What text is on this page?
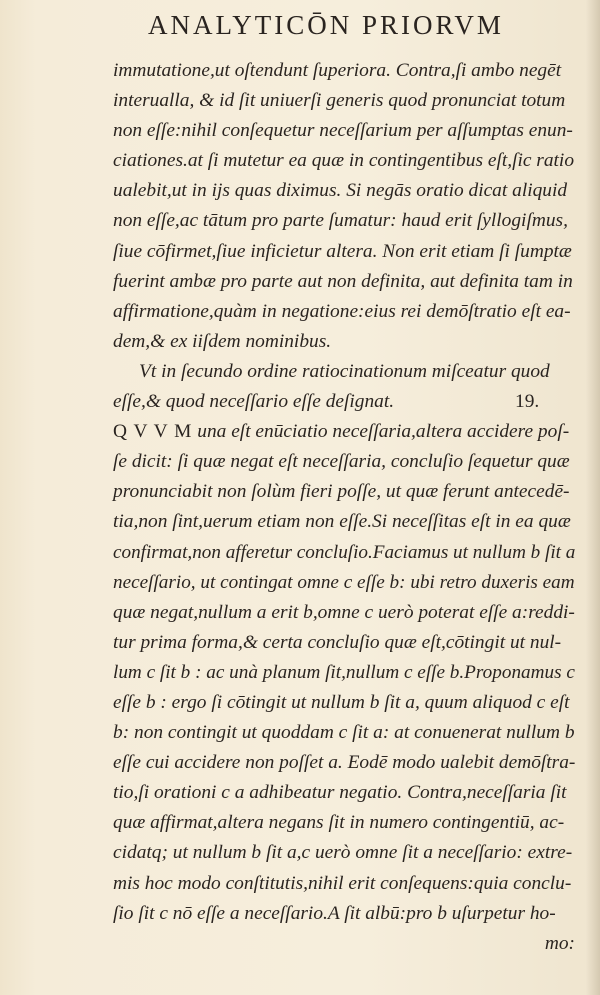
ANALYTICŌN PRIORVM
immutatione,ut oſtendunt ſuperiora. Contra,ſi ambo negēt
interualla, & id ſit uniuerſi generis quod pronunciat totum
non eſſe:nihil conſequetur neceſſarium per aſſumptas enun-
ciationes.at ſi mutetur ea quæ in contingentibus eſt,ſic ratio
ualebit,ut in ijs quas diximus. Si negās oratio dicat aliquid
non eſſe,ac tātum pro parte ſumatur: haud erit ſyllogiſmus,
ſiue cōfirmet,ſiue inficietur altera. Non erit etiam ſi ſumptæ
fuerint ambæ pro parte aut non definita, aut definita tam in
affirmatione,quàm in negatione:eius rei demōſtratio eſt ea-
dem,& ex iiſdem nominibus.
Vt in ſecundo ordine ratiocinationum miſceatur quod
eſſe,& quod neceſſario eſſe deſignat.	19.
Q V V M una eſt enūciatio neceſſaria,altera accidere poſ-
ſe dicit: ſi quæ negat eſt neceſſaria, concluſio ſequetur quæ
pronunciabit non ſolùm fieri poſſe, ut quæ ferunt antecedē-
tia,non ſint,uerum etiam non eſſe.Si neceſſitas eſt in ea quæ
confirmat,non afferetur concluſio.Faciamus ut nullum b ſit a
neceſſario, ut contingat omne c eſſe b: ubi retro duxeris eam
quæ negat,nullum a erit b,omne c uerò poterat eſſe a:reddi-
tur prima forma,& certa concluſio quæ eſt,cōtingit ut nul-
lum c ſit b : ac unà planum ſit,nullum c eſſe b.Proponamus c
eſſe b : ergo ſi cōtingit ut nullum b ſit a, quum aliquod c eſt
b: non contingit ut quoddam c ſit a: at conuenerat nullum b
eſſe cui accidere non poſſet a. Eodē modo ualebit demōſtra-
tio,ſi orationi c a adhibeatur negatio. Contra,neceſſaria ſit
quæ affirmat,altera negans ſit in numero contingentiū, ac-
cidatq; ut nullum b ſit a,c uerò omne ſit a neceſſario: extre-
mis hoc modo conſtitutis,nihil erit conſequens:quia conclu-
ſio ſit c nō eſſe a neceſſario.A ſit albū:pro b uſurpetur ho-
mo:
